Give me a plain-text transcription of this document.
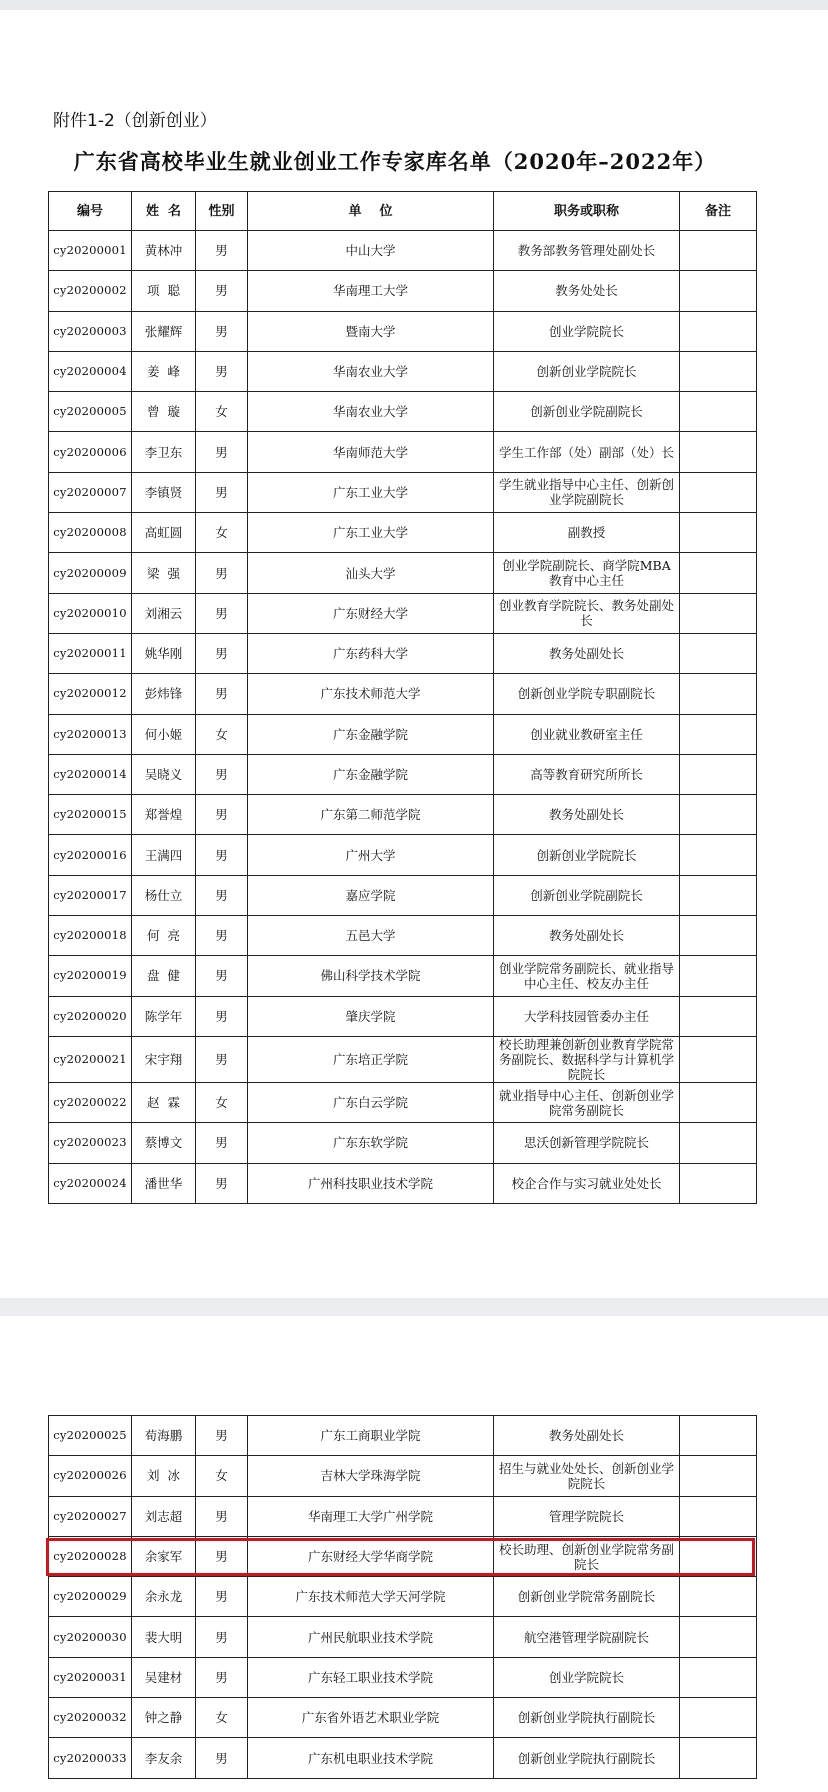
附件1-2（创新创业）
广东省高校毕业生就业创业工作专家库名单（2020年–2022年）
编号	姓  名	性别	单    位	职务或职称	备注
cy20200001	黄林冲	男	中山大学	教务部教务管理处副处长	
cy20200002	项  聪	男	华南理工大学	教务处处长	
cy20200003	张耀辉	男	暨南大学	创业学院院长	
cy20200004	姜  峰	男	华南农业大学	创新创业学院院长	
cy20200005	曾  璇	女	华南农业大学	创新创业学院副院长	
cy20200006	李卫东	男	华南师范大学	学生工作部（处）副部（处）长	
cy20200007	李镇贤	男	广东工业大学	学生就业指导中心主任、创新创业学院副院长	
cy20200008	高虹圆	女	广东工业大学	副教授	
cy20200009	梁  强	男	汕头大学	创业学院副院长、商学院MBA教育中心主任	
cy20200010	刘湘云	男	广东财经大学	创业教育学院院长、教务处副处长	
cy20200011	姚华刚	男	广东药科大学	教务处副处长	
cy20200012	彭炜锋	男	广东技术师范大学	创新创业学院专职副院长	
cy20200013	何小姬	女	广东金融学院	创业就业教研室主任	
cy20200014	吴晓义	男	广东金融学院	高等教育研究所所长	
cy20200015	郑誉煌	男	广东第二师范学院	教务处副处长	
cy20200016	王满四	男	广州大学	创新创业学院院长	
cy20200017	杨仕立	男	嘉应学院	创新创业学院副院长	
cy20200018	何  亮	男	五邑大学	教务处副处长	
cy20200019	盘  健	男	佛山科学技术学院	创业学院常务副院长、就业指导中心主任、校友办主任	
cy20200020	陈学年	男	肇庆学院	大学科技园管委办主任	
cy20200021	宋宇翔	男	广东培正学院	校长助理兼创新创业教育学院常务副院长、数据科学与计算机学院院长	
cy20200022	赵  霖	女	广东白云学院	就业指导中心主任、创新创业学院常务副院长	
cy20200023	蔡博文	男	广东东软学院	思沃创新管理学院院长	
cy20200024	潘世华	男	广州科技职业技术学院	校企合作与实习就业处处长	
cy20200025	荀海鹏	男	广东工商职业学院	教务处副处长	
cy20200026	刘  冰	女	吉林大学珠海学院	招生与就业处处长、创新创业学院院长	
cy20200027	刘志超	男	华南理工大学广州学院	管理学院院长	
cy20200028	余家军	男	广东财经大学华商学院	校长助理、创新创业学院常务副院长	
cy20200029	余永龙	男	广东技术师范大学天河学院	创新创业学院常务副院长	
cy20200030	裴大明	男	广州民航职业技术学院	航空港管理学院副院长	
cy20200031	吴建材	男	广东轻工职业技术学院	创业学院院长	
cy20200032	钟之静	女	广东省外语艺术职业学院	创新创业学院执行副院长	
cy20200033	李友余	男	广东机电职业技术学院	创新创业学院执行副院长	
